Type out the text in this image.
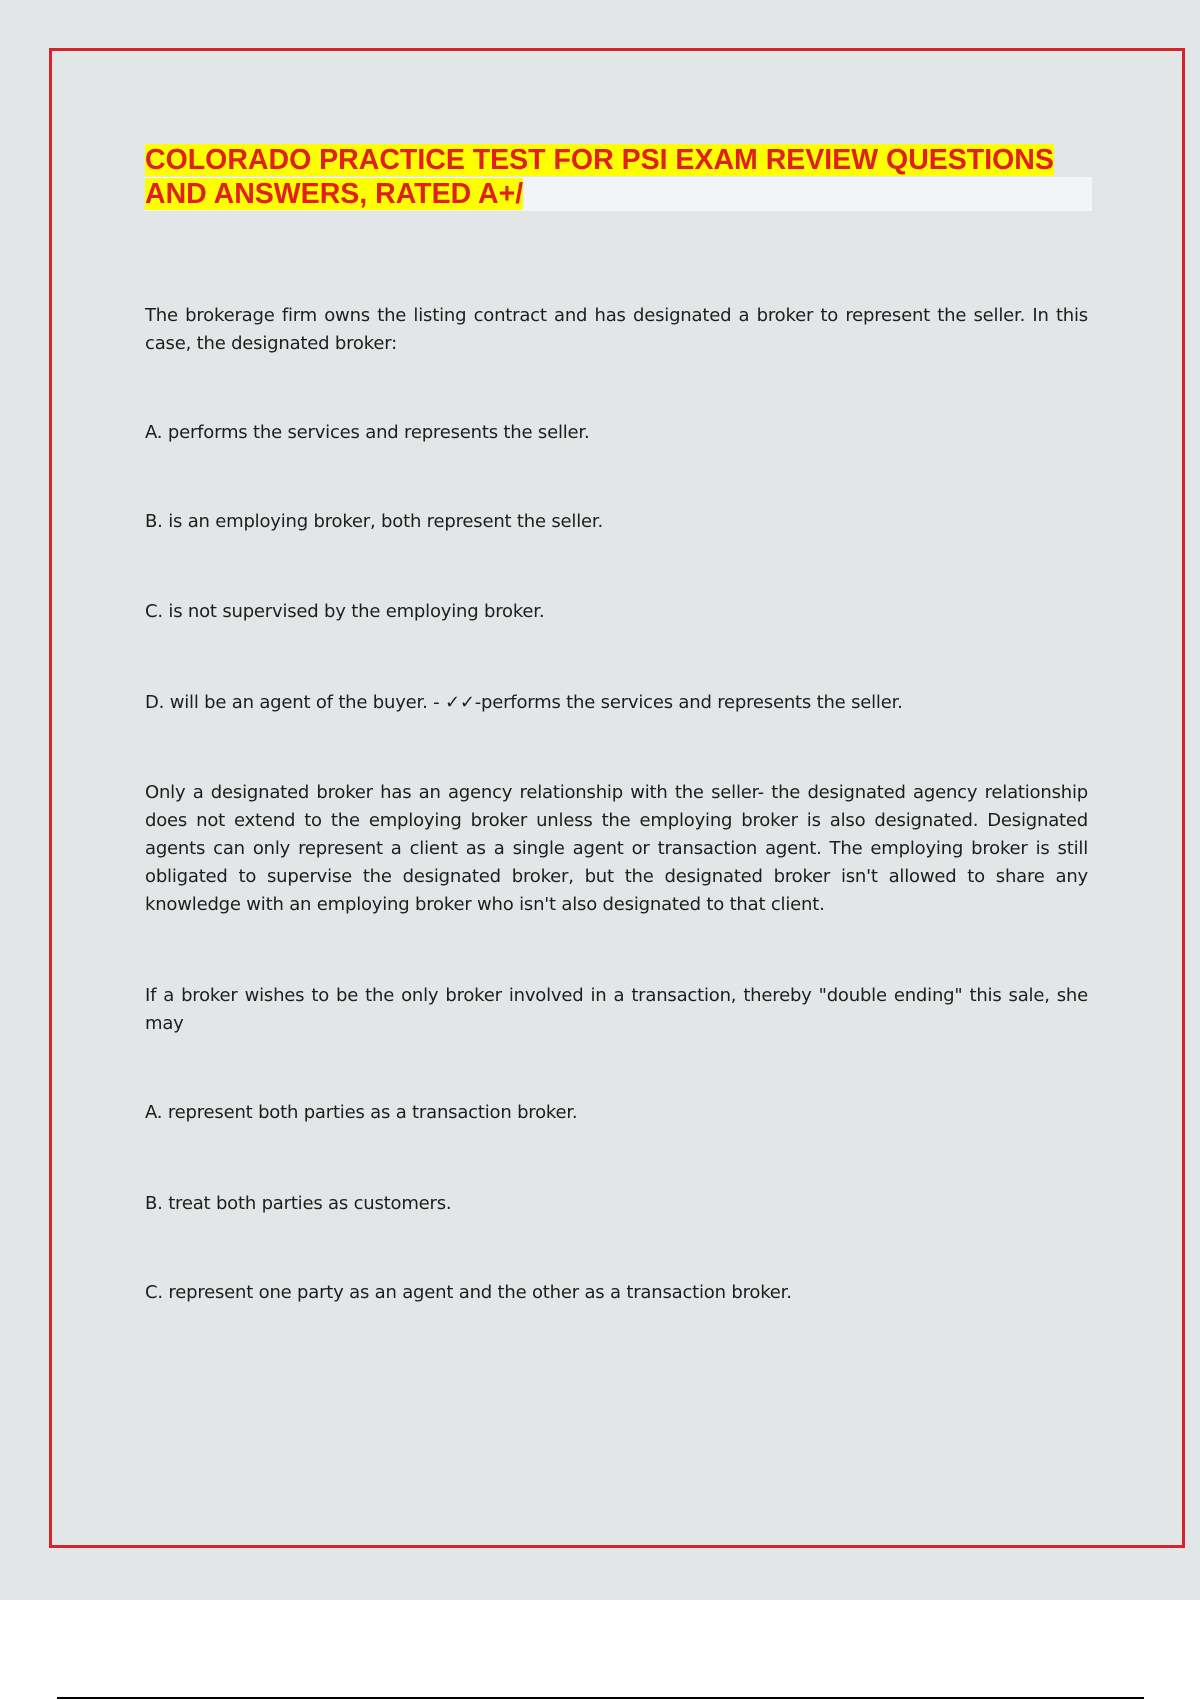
COLORADO PRACTICE TEST FOR PSI EXAM REVIEW QUESTIONS
AND ANSWERS, RATED A+/

The brokerage firm owns the listing contract and has designated a broker to represent the seller. In this case, the designated broker:

A. performs the services and represents the seller.

B. is an employing broker, both represent the seller.

C. is not supervised by the employing broker.

D. will be an agent of the buyer. - ✓✓-performs the services and represents the seller.

Only a designated broker has an agency relationship with the seller- the designated agency relationship does not extend to the employing broker unless the employing broker is also designated. Designated agents can only represent a client as a single agent or transaction agent. The employing broker is still obligated to supervise the designated broker, but the designated broker isn't allowed to share any knowledge with an employing broker who isn't also designated to that client.

If a broker wishes to be the only broker involved in a transaction, thereby "double ending" this sale, she may

A. represent both parties as a transaction broker.

B. treat both parties as customers.

C. represent one party as an agent and the other as a transaction broker.
